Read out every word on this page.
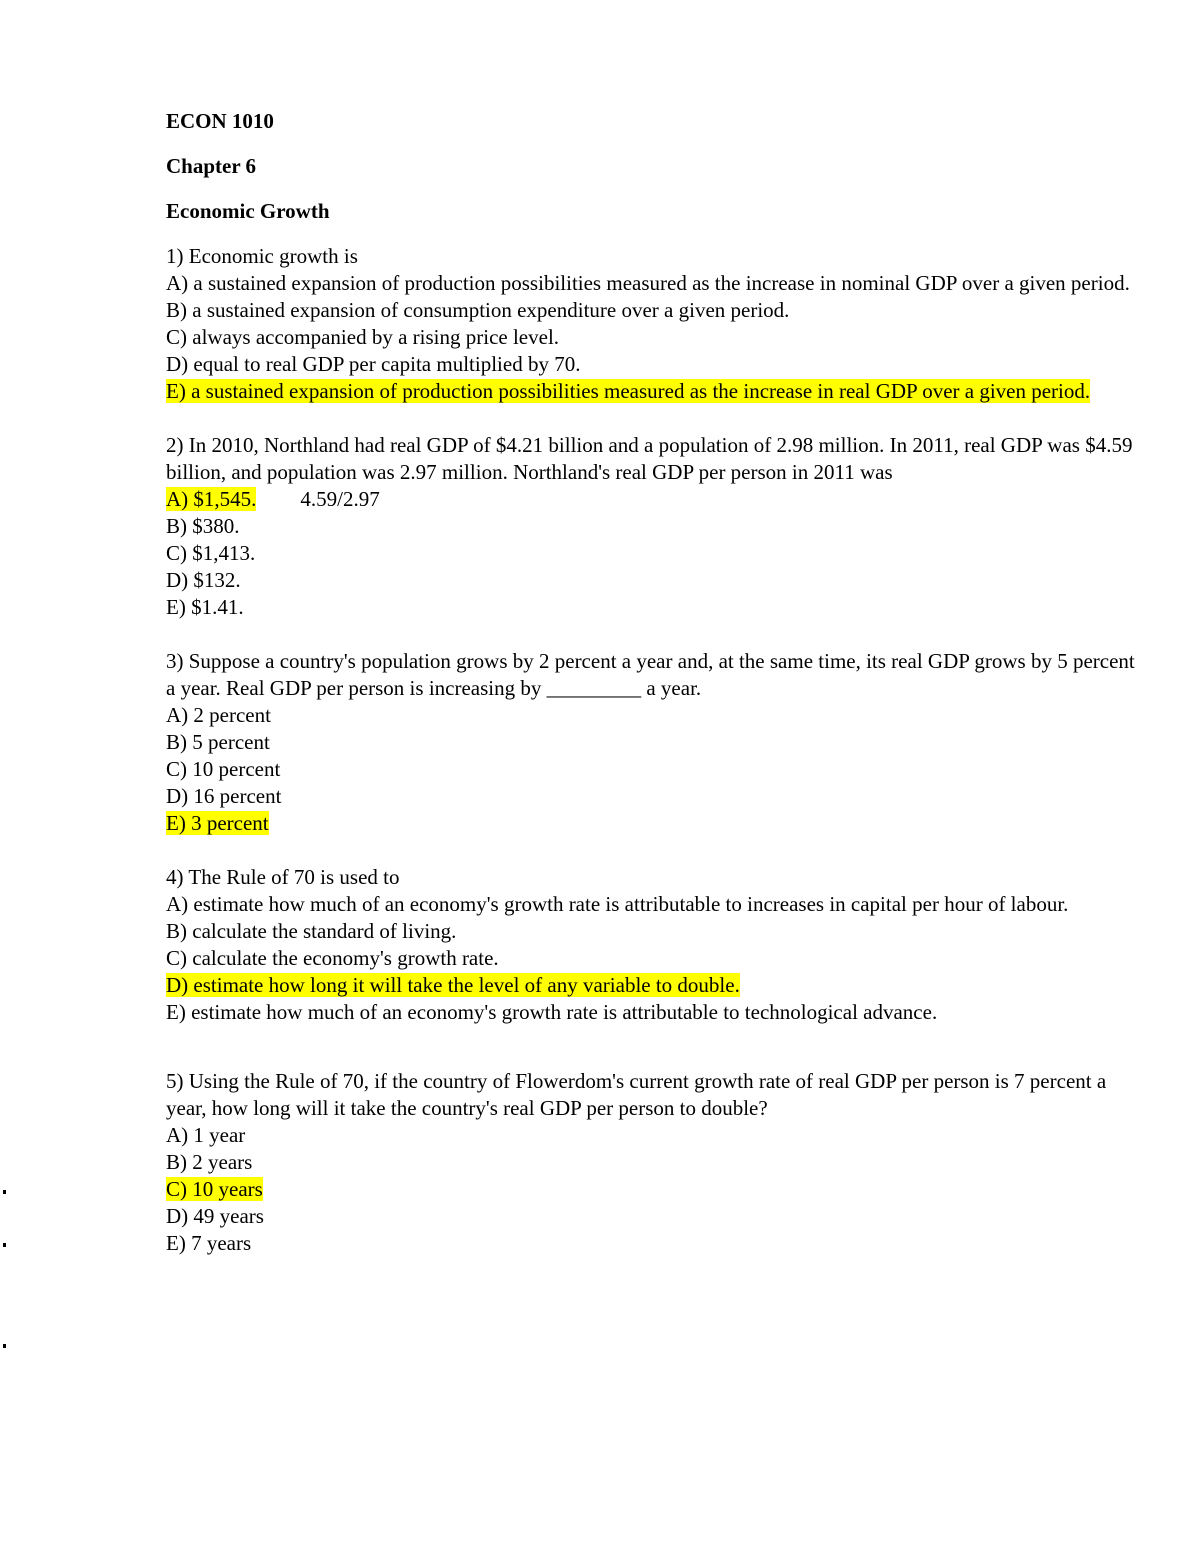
ECON 1010
Chapter 6
Economic Growth
1) Economic growth is
A) a sustained expansion of production possibilities measured as the increase in nominal GDP over a given period.
B) a sustained expansion of consumption expenditure over a given period.
C) always accompanied by a rising price level.
D) equal to real GDP per capita multiplied by 70.
E) a sustained expansion of production possibilities measured as the increase in real GDP over a given period.
2) In 2010, Northland had real GDP of $4.21 billion and a population of 2.98 million. In 2011, real GDP was $4.59 billion, and population was 2.97 million. Northland's real GDP per person in 2011 was
A) $1,545. 4.59/2.97
B) $380.
C) $1,413.
D) $132.
E) $1.41.
3) Suppose a country's population grows by 2 percent a year and, at the same time, its real GDP grows by 5 percent a year. Real GDP per person is increasing by _________ a year.
A) 2 percent
B) 5 percent
C) 10 percent
D) 16 percent
E) 3 percent
4) The Rule of 70 is used to
A) estimate how much of an economy's growth rate is attributable to increases in capital per hour of labour.
B) calculate the standard of living.
C) calculate the economy's growth rate.
D) estimate how long it will take the level of any variable to double.
E) estimate how much of an economy's growth rate is attributable to technological advance.
5) Using the Rule of 70, if the country of Flowerdom's current growth rate of real GDP per person is 7 percent a year, how long will it take the country's real GDP per person to double?
A) 1 year
B) 2 years
C) 10 years
D) 49 years
E) 7 years
